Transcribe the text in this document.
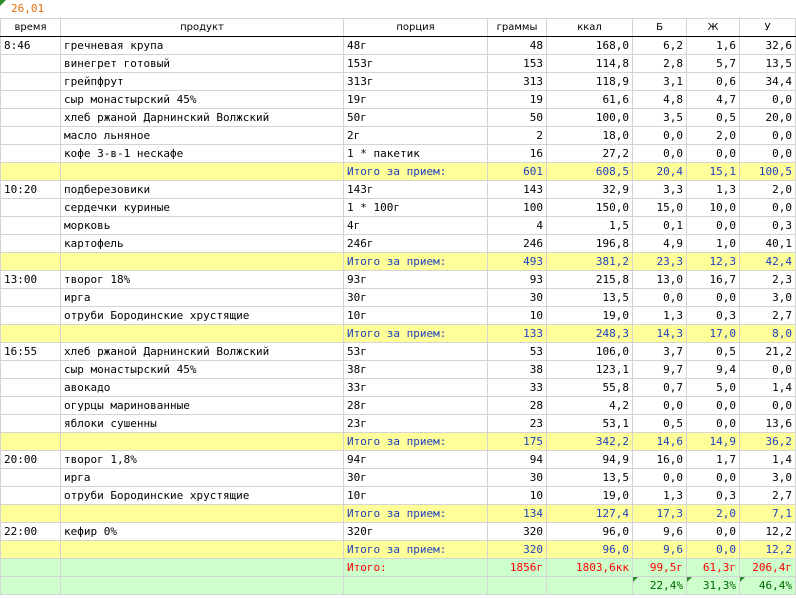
26,01
время	продукт	порция	граммы	ккал	Б	Ж	У
8:46	гречневая крупа	48г	48	168,0	6,2	1,6	32,6
	винегрет готовый	153г	153	114,8	2,8	5,7	13,5
	грейпфрут	313г	313	118,9	3,1	0,6	34,4
	сыр монастырский 45%	19г	19	61,6	4,8	4,7	0,0
	хлеб ржаной Дарнинский Волжский	50г	50	100,0	3,5	0,5	20,0
	масло льняное	2г	2	18,0	0,0	2,0	0,0
	кофе 3-в-1 нескафе	1 * пакетик	16	27,2	0,0	0,0	0,0
		Итого за прием:	601	608,5	20,4	15,1	100,5
10:20	подберезовики	143г	143	32,9	3,3	1,3	2,0
	сердечки куриные	1 * 100г	100	150,0	15,0	10,0	0,0
	морковь	4г	4	1,5	0,1	0,0	0,3
	картофель	246г	246	196,8	4,9	1,0	40,1
		Итого за прием:	493	381,2	23,3	12,3	42,4
13:00	творог 18%	93г	93	215,8	13,0	16,7	2,3
	ирга	30г	30	13,5	0,0	0,0	3,0
	отруби Бородинские хрустящие	10г	10	19,0	1,3	0,3	2,7
		Итого за прием:	133	248,3	14,3	17,0	8,0
16:55	хлеб ржаной Дарнинский Волжский	53г	53	106,0	3,7	0,5	21,2
	сыр монастырский 45%	38г	38	123,1	9,7	9,4	0,0
	авокадо	33г	33	55,8	0,7	5,0	1,4
	огурцы маринованные	28г	28	4,2	0,0	0,0	0,0
	яблоки сушенны	23г	23	53,1	0,5	0,0	13,6
		Итого за прием:	175	342,2	14,6	14,9	36,2
20:00	творог 1,8%	94г	94	94,9	16,0	1,7	1,4
	ирга	30г	30	13,5	0,0	0,0	3,0
	отруби Бородинские хрустящие	10г	10	19,0	1,3	0,3	2,7
		Итого за прием:	134	127,4	17,3	2,0	7,1
22:00	кефир 0%	320г	320	96,0	9,6	0,0	12,2
		Итого за прием:	320	96,0	9,6	0,0	12,2
		Итого:	1856г	1803,6кк	99,5г	61,3г	206,4г
					22,4%	31,3%	46,4%
